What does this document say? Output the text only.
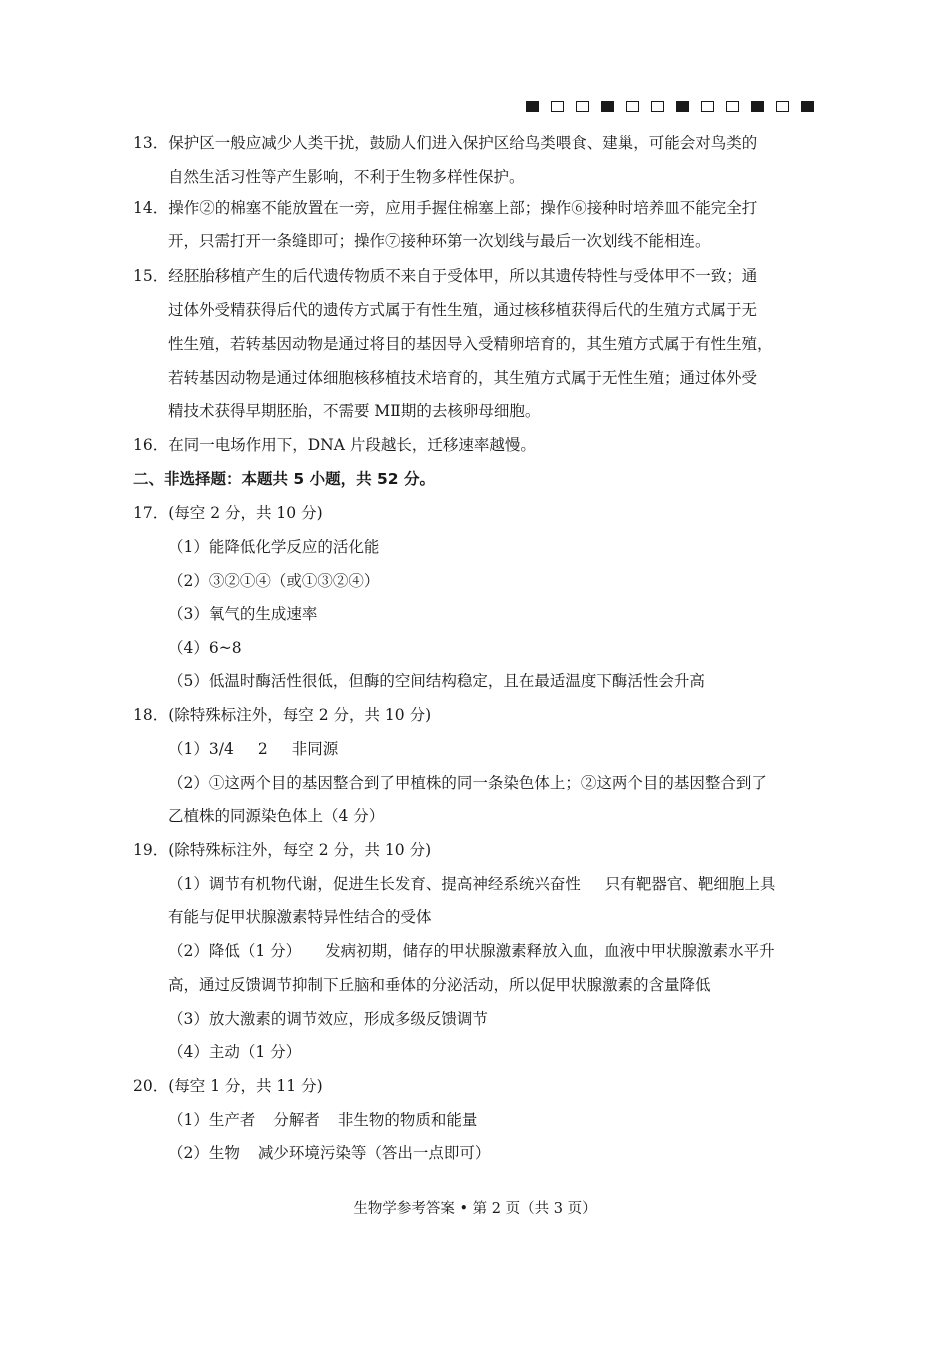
13．保护区一般应减少人类干扰，鼓励人们进入保护区给鸟类喂食、建巢，可能会对鸟类的
自然生活习性等产生影响，不利于生物多样性保护。
14．操作②的棉塞不能放置在一旁，应用手握住棉塞上部；操作⑥接种时培养皿不能完全打
开，只需打开一条缝即可；操作⑦接种环第一次划线与最后一次划线不能相连。
15．经胚胎移植产生的后代遗传物质不来自于受体甲，所以其遗传特性与受体甲不一致；通
过体外受精获得后代的遗传方式属于有性生殖，通过核移植获得后代的生殖方式属于无
性生殖，若转基因动物是通过将目的基因导入受精卵培育的，其生殖方式属于有性生殖，
若转基因动物是通过体细胞核移植技术培育的，其生殖方式属于无性生殖；通过体外受
精技术获得早期胚胎，不需要 MⅡ期的去核卵母细胞。
16．在同一电场作用下，DNA 片段越长，迁移速率越慢。
二、非选择题：本题共 5 小题，共 52 分。
17．(每空 2 分，共 10 分)
（1）能降低化学反应的活化能
（2）③②①④（或①③②④）
（3）氧气的生成速率
（4）6~8
（5）低温时酶活性很低，但酶的空间结构稳定，且在最适温度下酶活性会升高
18．(除特殊标注外，每空 2 分，共 10 分)
（1）3/4 2 非同源
（2）①这两个目的基因整合到了甲植株的同一条染色体上；②这两个目的基因整合到了
乙植株的同源染色体上（4 分）
19．(除特殊标注外，每空 2 分，共 10 分)
（1）调节有机物代谢，促进生长发育、提高神经系统兴奋性 只有靶器官、靶细胞上具
有能与促甲状腺激素特异性结合的受体
（2）降低（1 分） 发病初期，储存的甲状腺激素释放入血，血液中甲状腺激素水平升
高，通过反馈调节抑制下丘脑和垂体的分泌活动，所以促甲状腺激素的含量降低
（3）放大激素的调节效应，形成多级反馈调节
（4）主动（1 分）
20．(每空 1 分，共 11 分)
（1）生产者 分解者 非生物的物质和能量
（2）生物 减少环境污染等（答出一点即可）
生物学参考答案 • 第 2 页（共 3 页）
